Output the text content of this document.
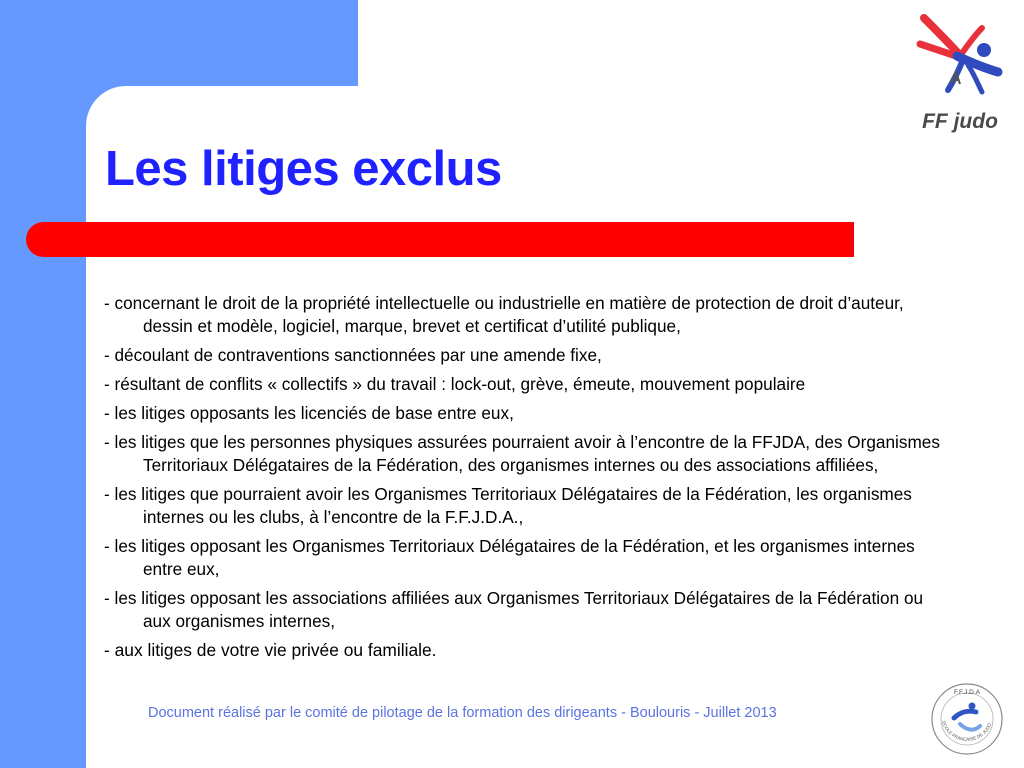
Les litiges exclus

- concernant le droit de la propriété intellectuelle ou industrielle en matière de protection de droit d’auteur, dessin et modèle, logiciel, marque, brevet et certificat d’utilité publique,

- découlant de contraventions sanctionnées par une amende fixe,

- résultant de conflits « collectifs » du travail : lock-out, grève, émeute, mouvement populaire

- les litiges opposants les licenciés de base entre eux,

- les litiges que les personnes physiques assurées pourraient avoir à l’encontre de la FFJDA, des Organismes Territoriaux Délégataires de la Fédération, des organismes internes ou des associations affiliées,

- les litiges que pourraient avoir les Organismes Territoriaux Délégataires de la Fédération, les organismes internes ou les clubs, à l’encontre de la F.F.J.D.A.,

- les litiges opposant les Organismes Territoriaux Délégataires de la Fédération, et les organismes internes entre eux,

- les litiges opposant les associations affiliées aux Organismes Territoriaux Délégataires de la Fédération ou aux organismes internes,

- aux litiges de votre vie privée ou familiale.

Document réalisé par le comité de pilotage de la formation des dirigeants - Boulouris - Juillet 2013
FF judo
F.F.J.D.A
ECOLE FRANCAISE DE JUDO
